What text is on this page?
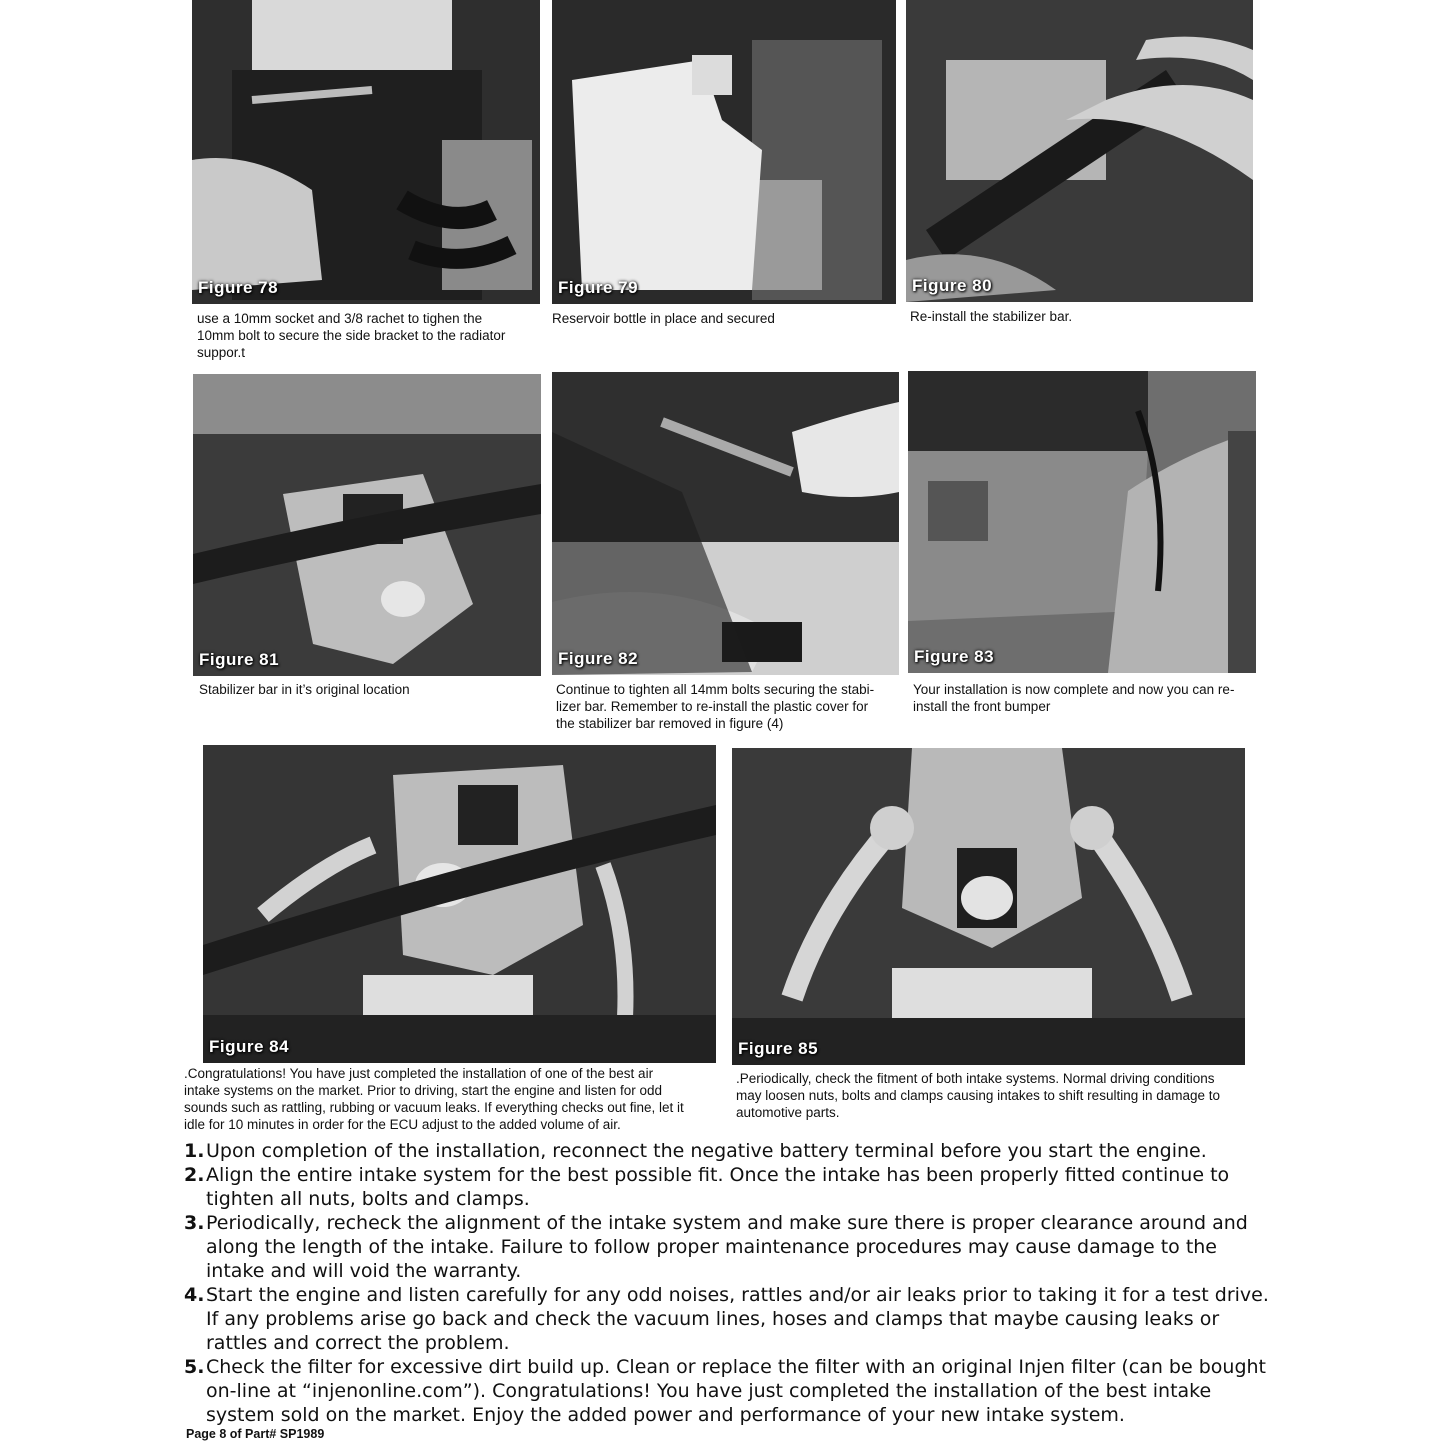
Figure 78
use a 10mm socket and 3/8 rachet to tighen the
10mm bolt to secure the side bracket to the radiator
suppor.t
Figure 79
Reservoir bottle in place and secured
Figure 80
Re-install the stabilizer bar.
Figure 81
Stabilizer bar in it’s original location
Figure 82
Continue to tighten all 14mm bolts securing the stabi-
lizer bar. Remember to re-install the plastic cover for
the stabilizer bar removed in figure (4)
Figure 83
Your installation is now complete and now you can re-
install the front bumper
Figure 84
.Congratulations! You have just completed the installation of one of the best air
intake systems on the market. Prior to driving, start the engine and listen for odd
sounds such as rattling, rubbing or vacuum leaks. If everything checks out fine, let it
idle for 10 minutes in order for the ECU adjust to the added volume of air.
Figure 85
.Periodically, check the fitment of both intake systems. Normal driving conditions
may loosen nuts, bolts and clamps causing intakes to shift resulting in damage to
automotive parts.
1. Upon completion of the installation, reconnect the negative battery terminal before you start the engine.
2. Align the entire intake system for the best possible fit. Once the intake has been properly fitted continue to tighten all nuts, bolts and clamps.
3. Periodically, recheck the alignment of the intake system and make sure there is proper clearance around and along the length of the intake. Failure to follow proper maintenance procedures may cause damage to the intake and will void the warranty.
4. Start the engine and listen carefully for any odd noises, rattles and/or air leaks prior to taking it for a test drive. If any problems arise go back and check the vacuum lines, hoses and clamps that maybe causing leaks or rattles and correct the problem.
5. Check the filter for excessive dirt build up. Clean or replace the filter with an original Injen filter (can be bought on-line at “injenonline.com”). Congratulations! You have just completed the installation of the best intake system sold on the market. Enjoy the added power and performance of your new intake system.
Page 8 of Part# SP1989
